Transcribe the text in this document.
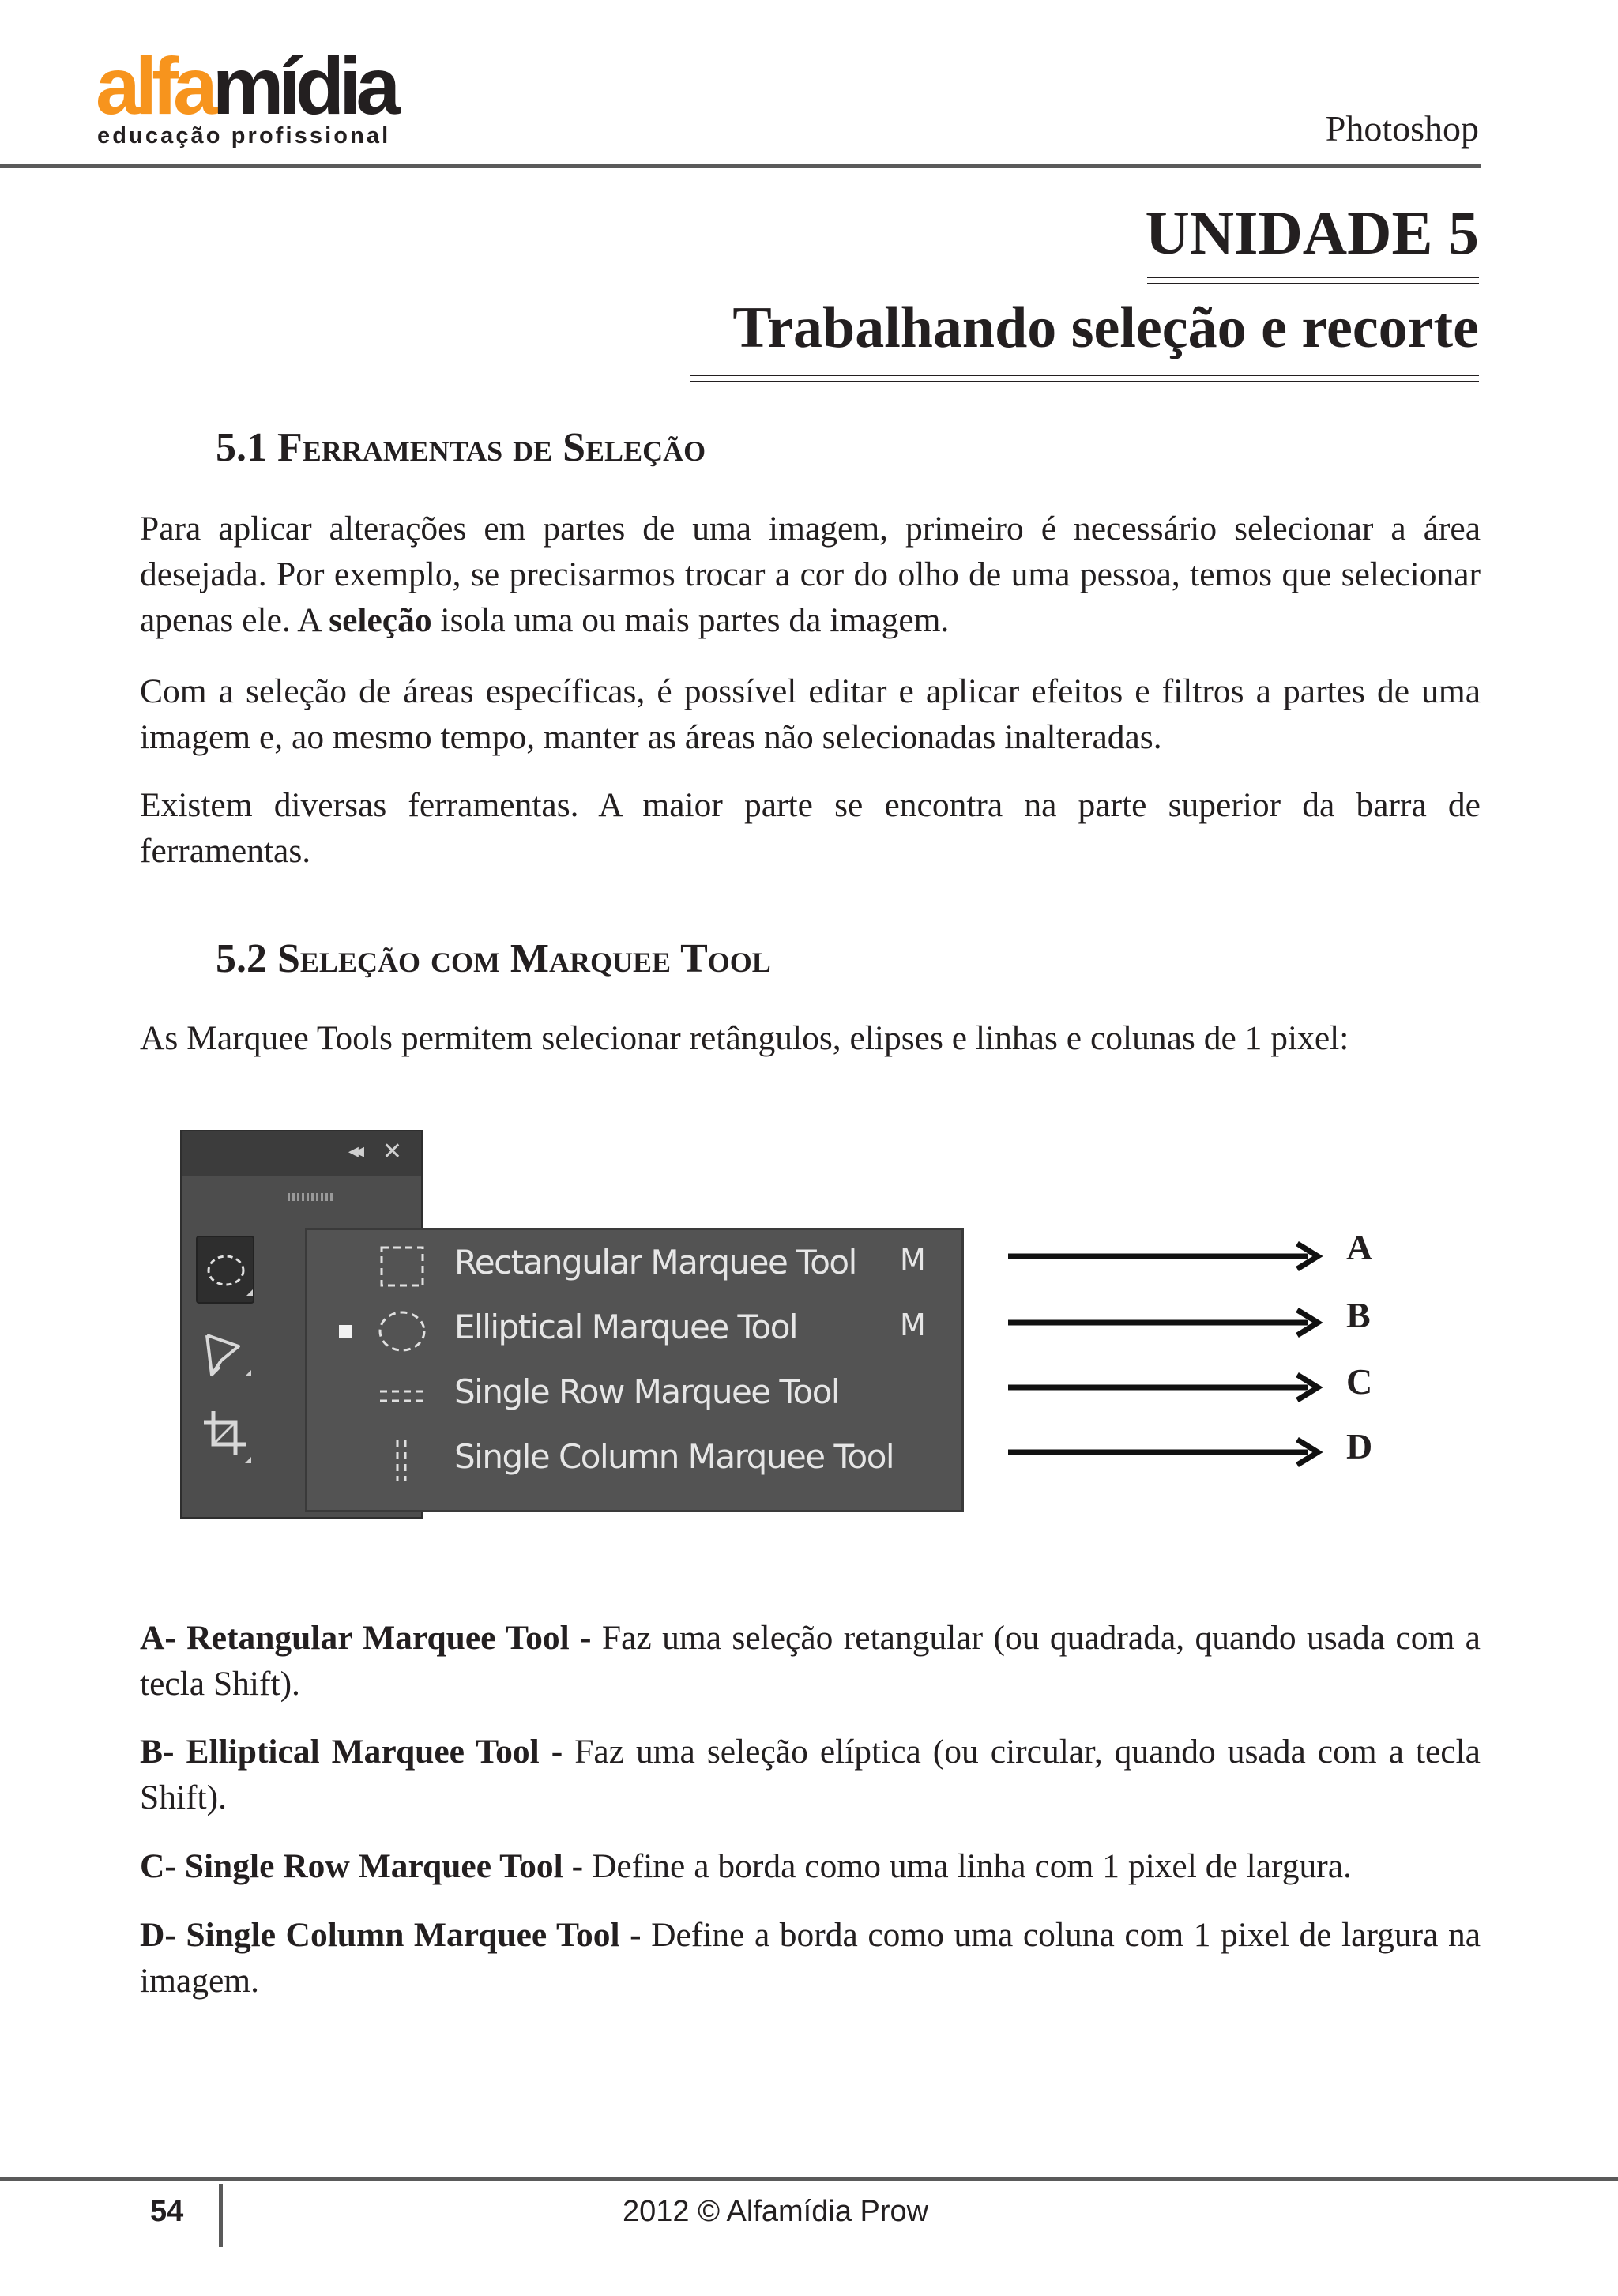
alfamídia
educação profissional	Photoshop
UNIDADE 5
Trabalhando seleção e recorte
5.1 Ferramentas de Seleção

Para aplicar alterações em partes de uma imagem, primeiro é necessário selecionar a área desejada. Por exemplo, se precisarmos trocar a cor do olho de uma pessoa, temos que selecionar apenas ele. A seleção isola uma ou mais partes da imagem.

Com a seleção de áreas específicas, é possível editar e aplicar efeitos e filtros a partes de uma imagem e, ao mesmo tempo, manter as áreas não selecionadas inalteradas.

Existem diversas ferramentas. A maior parte se encontra na parte superior da barra de ferramentas.

5.2 Seleção com Marquee Tool

As Marquee Tools permitem selecionar retângulos, elipses e linhas e colunas de 1 pixel:

◂◂ ✕
Rectangular Marquee Tool M
Elliptical Marquee Tool	M
Single Row Marquee Tool
Single Column Marquee Tool
A
B
C
D

A- Retangular Marquee Tool - Faz uma seleção retangular (ou quadrada, quando usada com a tecla Shift).

B- Elliptical Marquee Tool - Faz uma seleção elíptica (ou circular, quando usada com a tecla Shift).

C- Single Row Marquee Tool - Define a borda como uma linha com 1 pixel de largura.

D- Single Column Marquee Tool - Define a borda como uma coluna com 1 pixel de largura na imagem.

54	2012 © Alfamídia Prow
